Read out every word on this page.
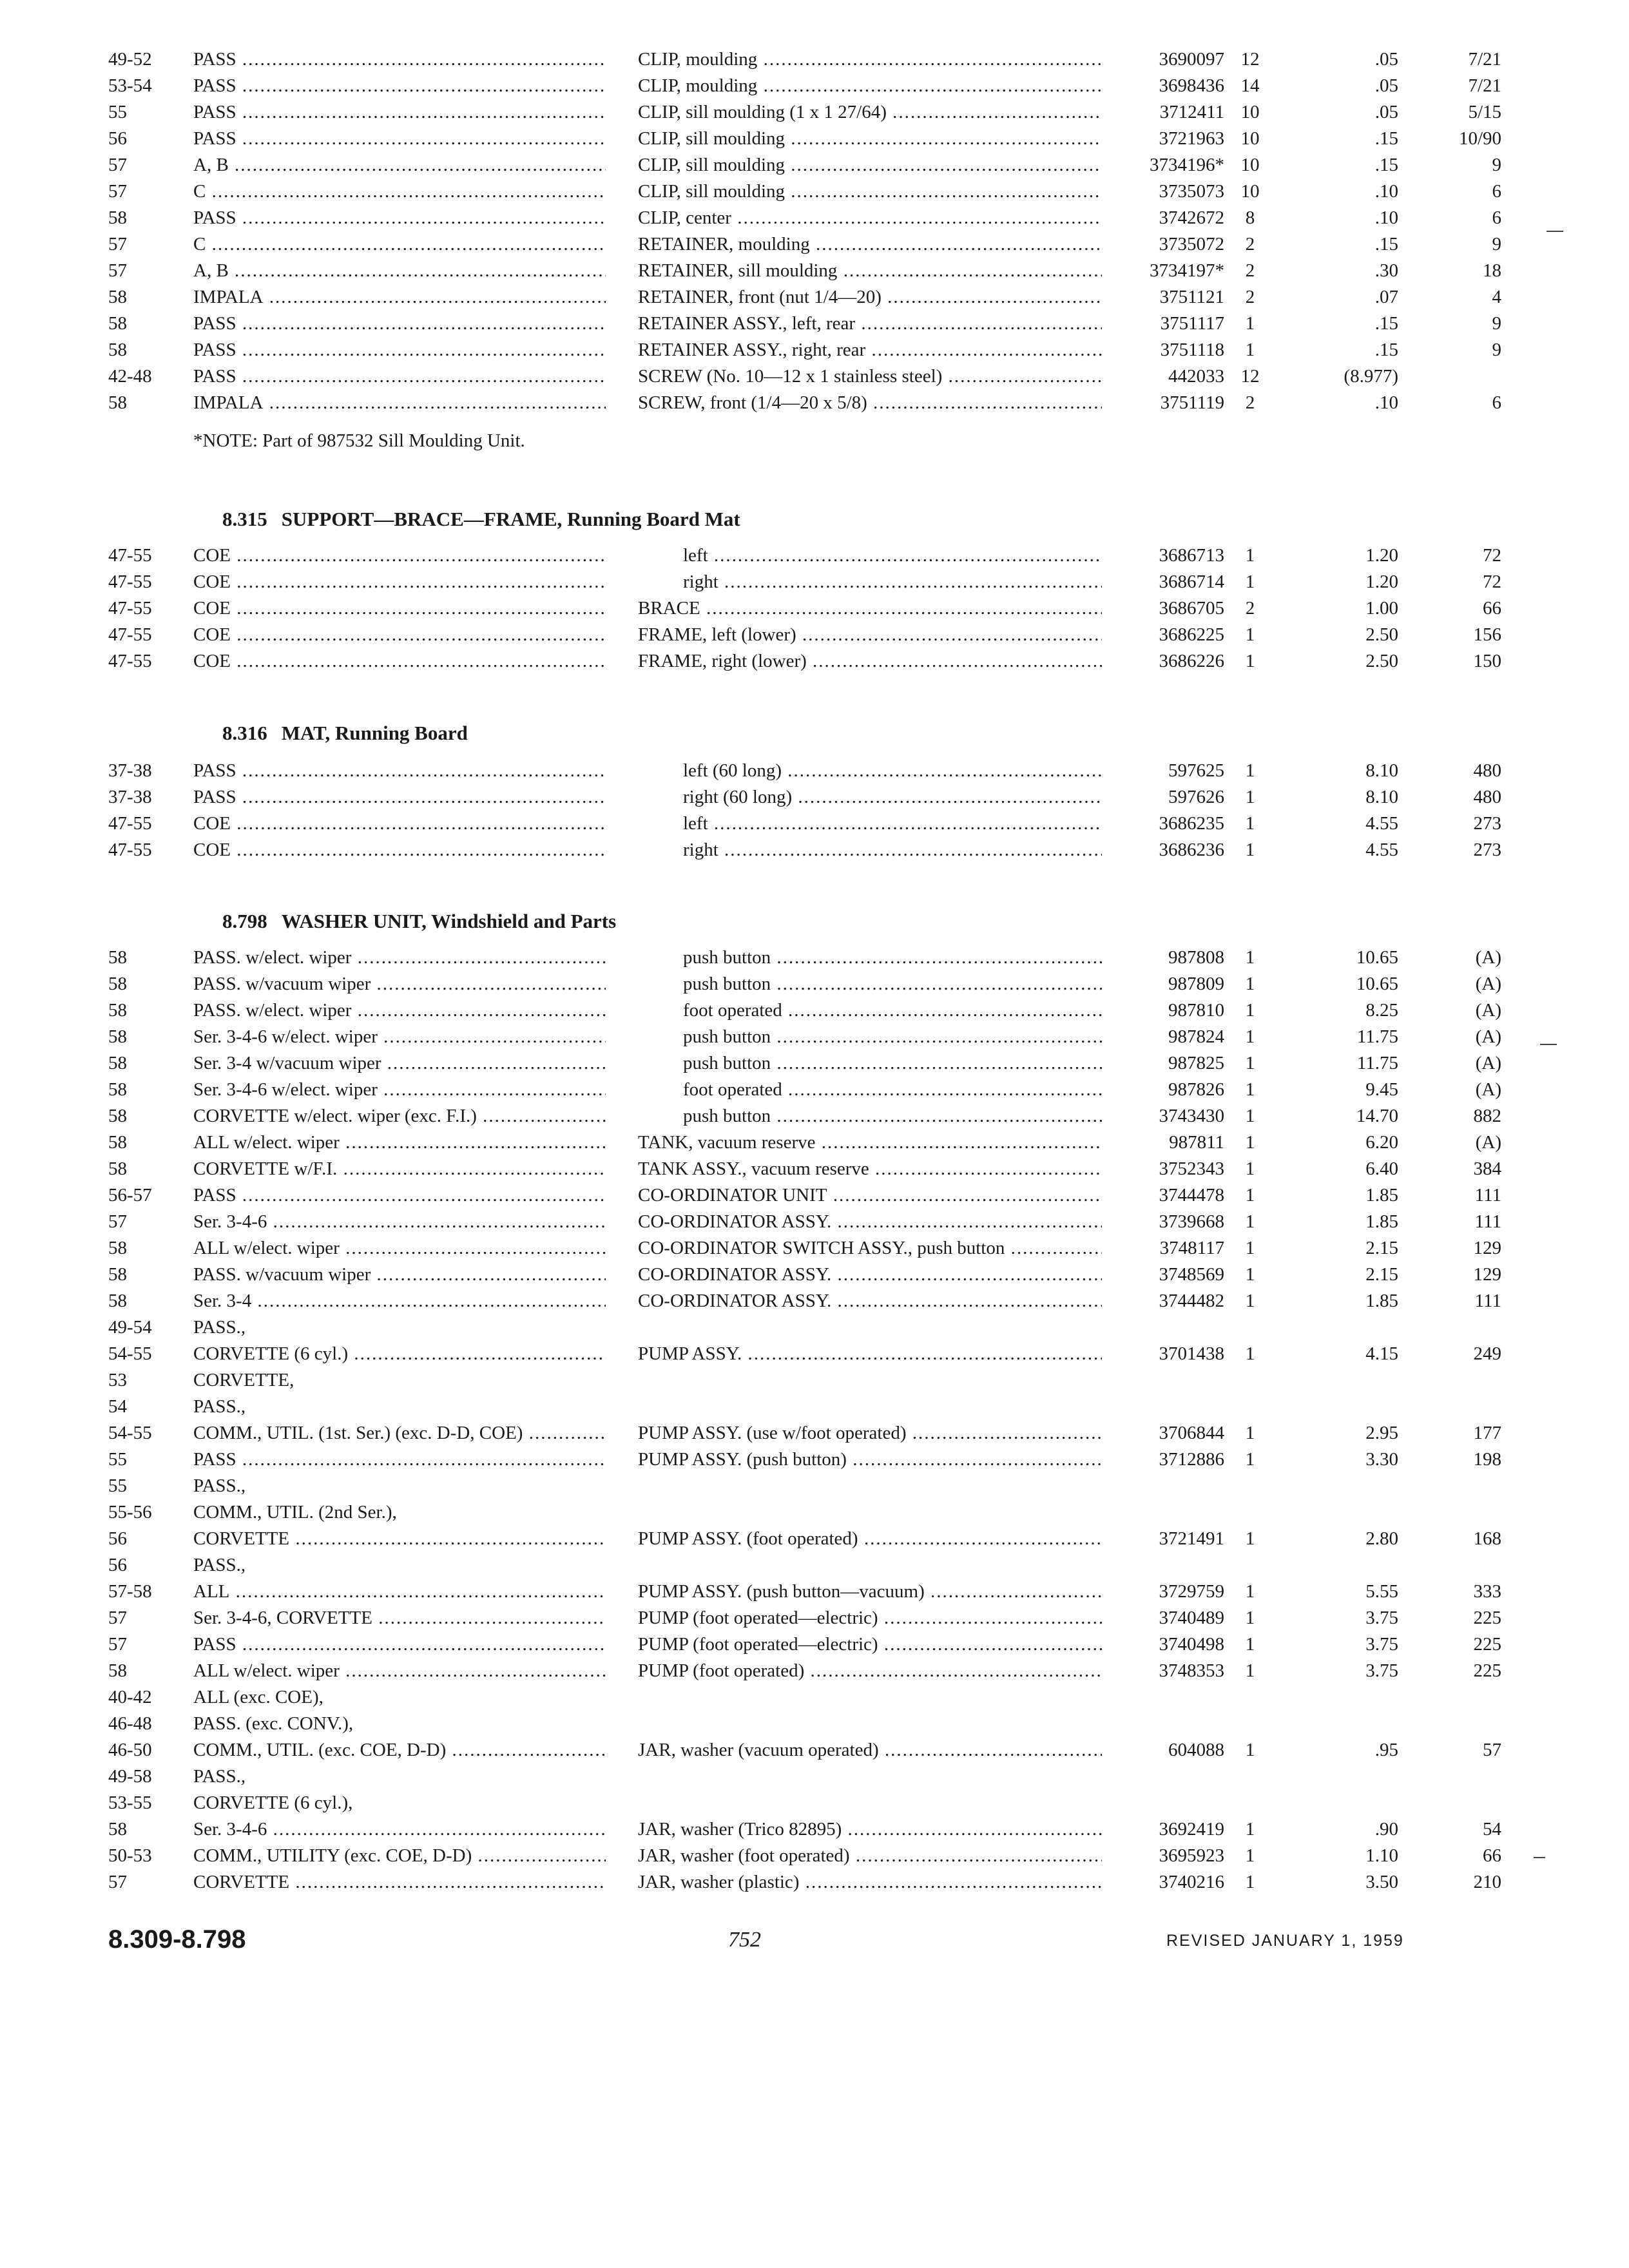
49-52	PASS .....	CLIP, moulding .....	3690097 12	.05	7/21
53-54	PASS .....	CLIP, moulding .....	3698436 14	.05	7/21
55	PASS .....	CLIP, sill moulding (1 x 1 27/64) .....	3712411 10	.05	5/15
56	PASS .....	CLIP, sill moulding .....	3721963 10	.15	10/90
57	A, B .....	CLIP, sill moulding .....	3734196* 10	.15	9
57	C .....	CLIP, sill moulding .....	3735073 10	.10	6
58	PASS .....	CLIP, center .....	3742672	8	.10	6
57	C .....	RETAINER, moulding .....	3735072	2	.15	9
57	A, B .....	RETAINER, sill moulding .....	3734197*	2	.30	18
58	IMPALA .....	RETAINER, front (nut 1/4—20) .....	3751121	2	.07	4
58	PASS .....	RETAINER ASSY., left, rear .....	3751117	1	.15	9
58	PASS .....	RETAINER ASSY., right, rear .....	3751118	1	.15	9
42-48	PASS .....	SCREW (No. 10—12 x 1 stainless steel) .....	442033 12	(8.977)
58	IMPALA .....	SCREW, front (1/4—20 x 5/8) .....	3751119	2	.10	6
*NOTE: Part of 987532 Sill Moulding Unit.
8.315 SUPPORT—BRACE—FRAME, Running Board Mat
47-55	COE .....	left .....	3686713	1	1.20	72
47-55	COE .....	right .....	3686714	1	1.20	72
47-55	COE .....	BRACE .....	3686705	2	1.00	66
47-55	COE .....	FRAME, left (lower) .....	3686225	1	2.50	156
47-55	COE .....	FRAME, right (lower) .....	3686226	1	2.50	150
8.316 MAT, Running Board
37-38	PASS .....	left (60 long) .....	597625	1	8.10	480
37-38	PASS .....	right (60 long) .....	597626	1	8.10	480
47-55	COE .....	left .....	3686235	1	4.55	273
47-55	COE .....	right .....	3686236	1	4.55	273
8.798 WASHER UNIT, Windshield and Parts
58	PASS. w/elect. wiper .....	push button .....	987808	1	10.65	(A)
58	PASS. w/vacuum wiper .....	push button .....	987809	1	10.65	(A)
58	PASS. w/elect. wiper .....	foot operated .....	987810	1	8.25	(A)
58	Ser. 3-4-6 w/elect. wiper .....	push button .....	987824	1	11.75	(A)
58	Ser. 3-4 w/vacuum wiper .....	push button .....	987825	1	11.75	(A)
58	Ser. 3-4-6 w/elect. wiper .....	foot operated .....	987826	1	9.45	(A)
58	CORVETTE w/elect. wiper (exc. F.I.) .....	push button .....	3743430	1	14.70	882
58	ALL w/elect. wiper .....	TANK, vacuum reserve .....	987811	1	6.20	(A)
58	CORVETTE w/F.I. .....	TANK ASSY., vacuum reserve .....	3752343	1	6.40	384
56-57	PASS .....	CO-ORDINATOR UNIT .....	3744478	1	1.85	111
57	Ser. 3-4-6 .....	CO-ORDINATOR ASSY. .....	3739668	1	1.85	111
58	ALL w/elect. wiper .....	CO-ORDINATOR SWITCH ASSY., push button .....	3748117	1	2.15	129
58	PASS. w/vacuum wiper .....	CO-ORDINATOR ASSY. .....	3748569	1	2.15	129
58	Ser. 3-4 .....	CO-ORDINATOR ASSY. .....	3744482	1	1.85	111
49-54	PASS.,
54-55	CORVETTE (6 cyl.) .....	PUMP ASSY. .....	3701438	1	4.15	249
53	CORVETTE,
54	PASS.,
54-55	COMM., UTIL. (1st. Ser.) (exc. D-D, COE) .....	PUMP ASSY. (use w/foot operated) .....	3706844	1	2.95	177
55	PASS .....	PUMP ASSY. (push button) .....	3712886	1	3.30	198
55	PASS.,
55-56	COMM., UTIL. (2nd Ser.),
56	CORVETTE .....	PUMP ASSY. (foot operated) .....	3721491	1	2.80	168
56	PASS.,
57-58	ALL .....	PUMP ASSY. (push button—vacuum) .....	3729759	1	5.55	333
57	Ser. 3-4-6, CORVETTE .....	PUMP (foot operated—electric) .....	3740489	1	3.75	225
57	PASS .....	PUMP (foot operated—electric) .....	3740498	1	3.75	225
58	ALL w/elect. wiper .....	PUMP (foot operated) .....	3748353	1	3.75	225
40-42	ALL (exc. COE),
46-48	PASS. (exc. CONV.),
46-50	COMM., UTIL. (exc. COE, D-D) .....	JAR, washer (vacuum operated) .....	604088	1	.95	57
49-58	PASS.,
53-55	CORVETTE (6 cyl.),
58	Ser. 3-4-6 .....	JAR, washer (Trico 82895) .....	3692419	1	.90	54
50-53	COMM., UTILITY (exc. COE, D-D) .....	JAR, washer (foot operated) .....	3695923	1	1.10	66
57	CORVETTE .....	JAR, washer (plastic) .....	3740216	1	3.50	210
8.309-8.798	752	REVISED JANUARY 1, 1959
